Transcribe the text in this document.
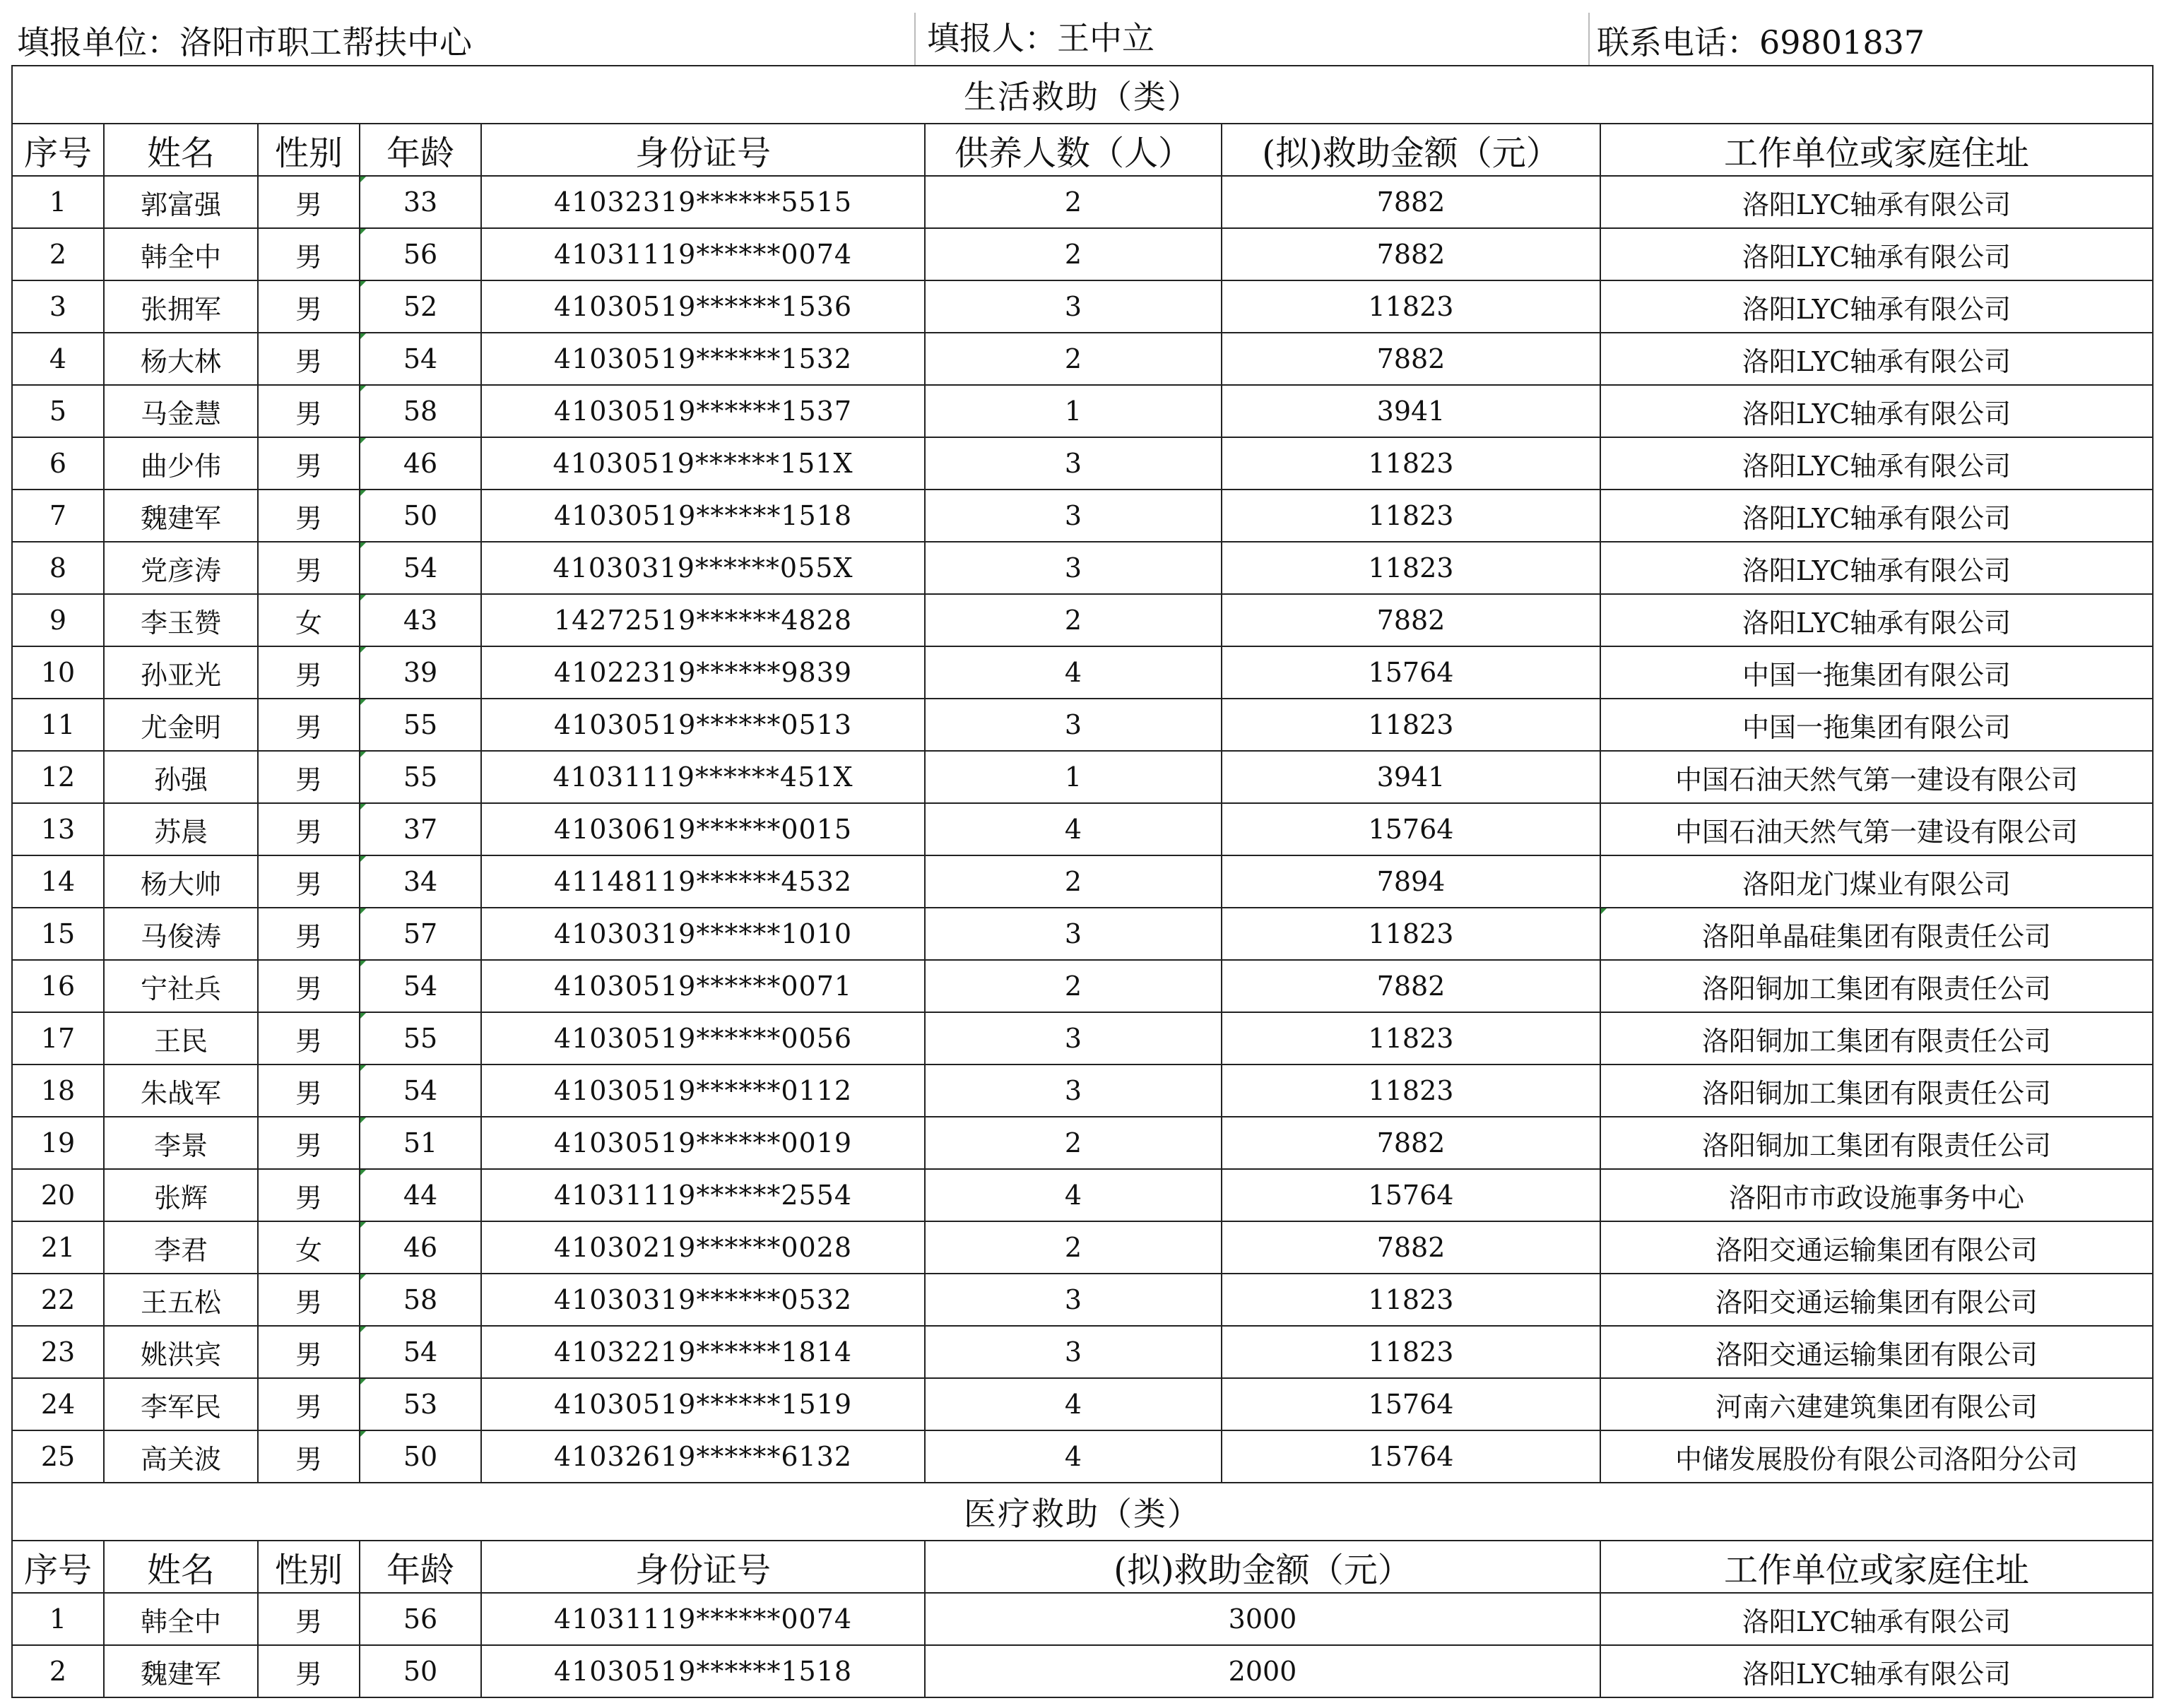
填报单位：洛阳市职工帮扶中心	填报人：王中立	联系电话：69801837
生活救助（类）							
序号	姓名	性别	年龄	身份证号	供养人数（人）	(拟)救助金额（元）	工作单位或家庭住址
1	郭富强	男	33	41032319******5515	2	7882	洛阳LYC轴承有限公司
2	韩全中	男	56	41031119******0074	2	7882	洛阳LYC轴承有限公司
3	张拥军	男	52	41030519******1536	3	11823	洛阳LYC轴承有限公司
4	杨大林	男	54	41030519******1532	2	7882	洛阳LYC轴承有限公司
5	马金慧	男	58	41030519******1537	1	3941	洛阳LYC轴承有限公司
6	曲少伟	男	46	41030519******151X	3	11823	洛阳LYC轴承有限公司
7	魏建军	男	50	41030519******1518	3	11823	洛阳LYC轴承有限公司
8	党彦涛	男	54	41030319******055X	3	11823	洛阳LYC轴承有限公司
9	李玉赞	女	43	14272519******4828	2	7882	洛阳LYC轴承有限公司
10	孙亚光	男	39	41022319******9839	4	15764	中国一拖集团有限公司
11	尤金明	男	55	41030519******0513	3	11823	中国一拖集团有限公司
12	孙强	男	55	41031119******451X	1	3941	中国石油天然气第一建设有限公司
13	苏晨	男	37	41030619******0015	4	15764	中国石油天然气第一建设有限公司
14	杨大帅	男	34	41148119******4532	2	7894	洛阳龙门煤业有限公司
15	马俊涛	男	57	41030319******1010	3	11823	洛阳单晶硅集团有限责任公司
16	宁社兵	男	54	41030519******0071	2	7882	洛阳铜加工集团有限责任公司
17	王民	男	55	41030519******0056	3	11823	洛阳铜加工集团有限责任公司
18	朱战军	男	54	41030519******0112	3	11823	洛阳铜加工集团有限责任公司
19	李景	男	51	41030519******0019	2	7882	洛阳铜加工集团有限责任公司
20	张辉	男	44	41031119******2554	4	15764	洛阳市市政设施事务中心
21	李君	女	46	41030219******0028	2	7882	洛阳交通运输集团有限公司
22	王五松	男	58	41030319******0532	3	11823	洛阳交通运输集团有限公司
23	姚洪宾	男	54	41032219******1814	3	11823	洛阳交通运输集团有限公司
24	李军民	男	53	41030519******1519	4	15764	河南六建建筑集团有限公司
25	高关波	男	50	41032619******6132	4	15764	中储发展股份有限公司洛阳分公司
医疗救助（类）							
序号	姓名	性别	年龄	身份证号	(拟)救助金额（元）		工作单位或家庭住址
1	韩全中	男	56	41031119******0074	3000		洛阳LYC轴承有限公司
2	魏建军	男	50	41030519******1518	2000		洛阳LYC轴承有限公司
